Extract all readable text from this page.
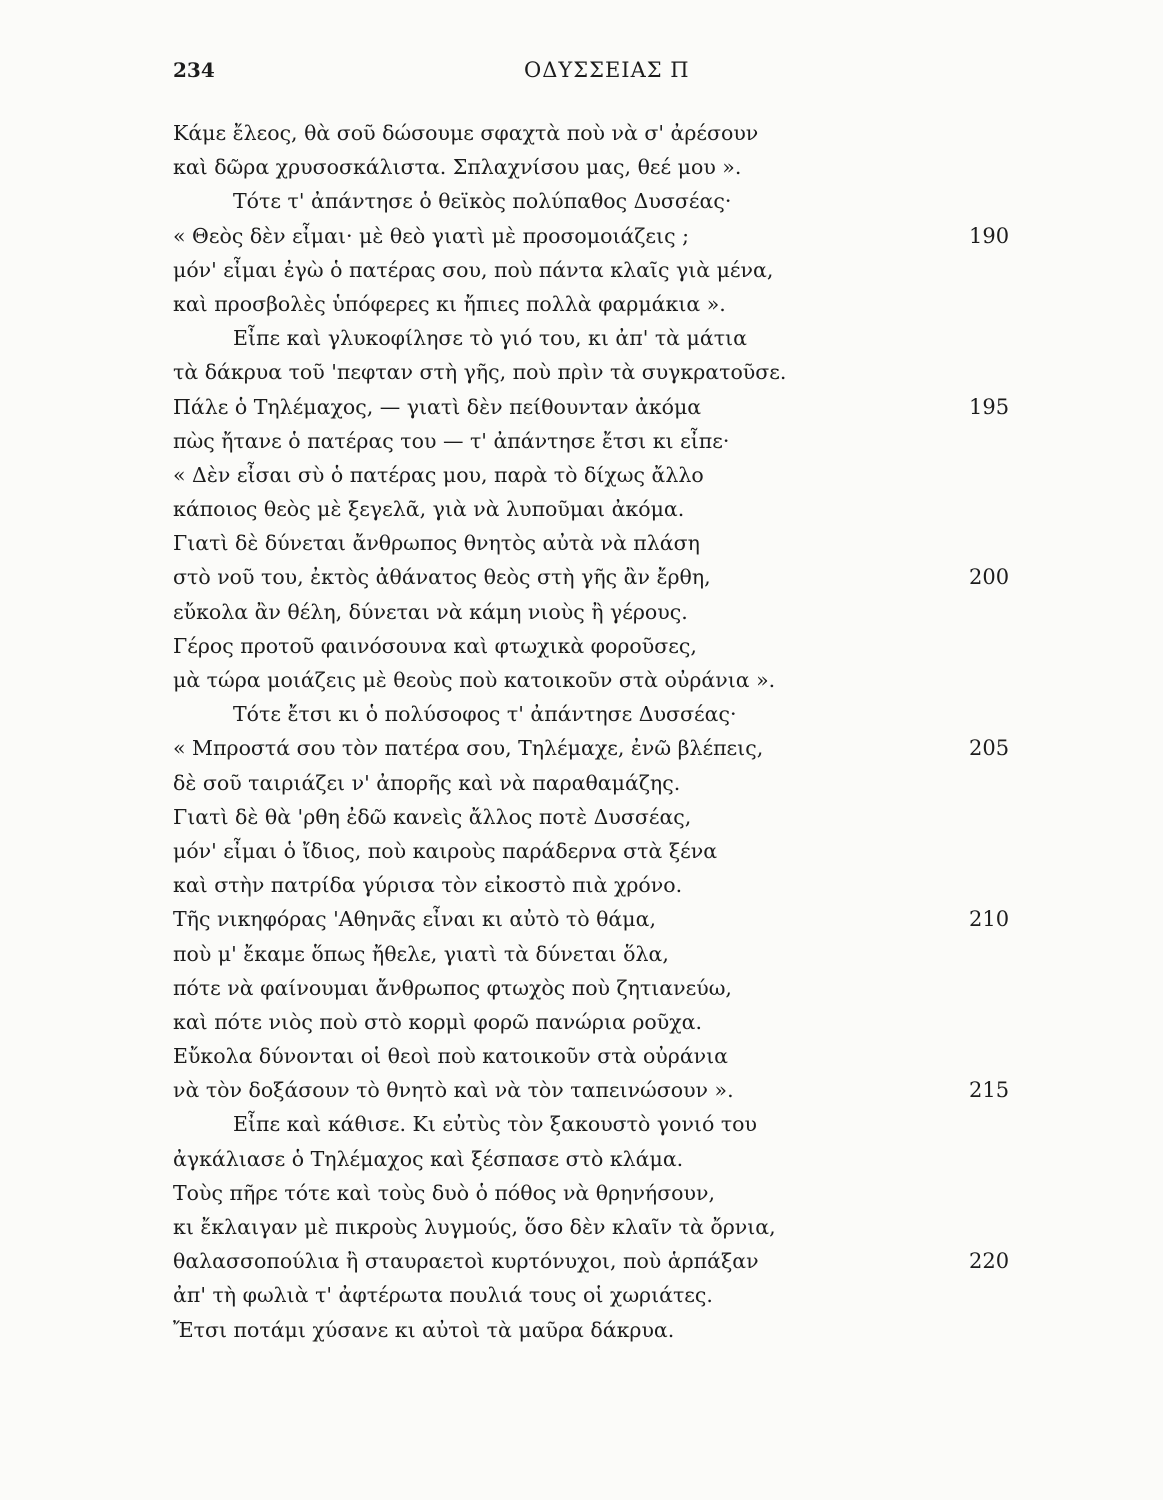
234	ΟΔΥΣΣΕΙΑΣ Π
Κάμε ἔλεος, θὰ σοῦ δώσουμε σφαχτὰ ποὺ νὰ σ' ἀρέσουν
καὶ δῶρα χρυσοσκάλιστα. Σπλαχνίσου μας, θεέ μου ».
Τότε τ' ἀπάντησε ὁ θεϊκὸς πολύπαθος Δυσσέας·
« Θεὸς δὲν εἶμαι· μὲ θεὸ γιατὶ μὲ προσομοιάζεις ;	190
μόν' εἶμαι ἐγὼ ὁ πατέρας σου, ποὺ πάντα κλαῖς γιὰ μένα,
καὶ προσβολὲς ὑπόφερες κι ἤπιες πολλὰ φαρμάκια ».
Εἶπε καὶ γλυκοφίλησε τὸ γιό του, κι ἀπ' τὰ μάτια
τὰ δάκρυα τοῦ 'πεφταν στὴ γῆς, ποὺ πρὶν τὰ συγκρατοῦσε.
Πάλε ὁ Τηλέμαχος, — γιατὶ δὲν πείθουνταν ἀκόμα	195
πὼς ἤτανε ὁ πατέρας του — τ' ἀπάντησε ἔτσι κι εἶπε·
« Δὲν εἶσαι σὺ ὁ πατέρας μου, παρὰ τὸ δίχως ἄλλο
κάποιος θεὸς μὲ ξεγελᾶ, γιὰ νὰ λυποῦμαι ἀκόμα.
Γιατὶ δὲ δύνεται ἄνθρωπος θνητὸς αὐτὰ νὰ πλάση
στὸ νοῦ του, ἐκτὸς ἀθάνατος θεὸς στὴ γῆς ἂν ἔρθη,	200
εὔκολα ἂν θέλη, δύνεται νὰ κάμη νιοὺς ἢ γέρους.
Γέρος προτοῦ φαινόσουνα καὶ φτωχικὰ φοροῦσες,
μὰ τώρα μοιάζεις μὲ θεοὺς ποὺ κατοικοῦν στὰ οὐράνια ».
Τότε ἔτσι κι ὁ πολύσοφος τ' ἀπάντησε Δυσσέας·
« Μπροστά σου τὸν πατέρα σου, Τηλέμαχε, ἐνῶ βλέπεις,	205
δὲ σοῦ ταιριάζει ν' ἀπορῆς καὶ νὰ παραθαμάζης.
Γιατὶ δὲ θὰ 'ρθη ἐδῶ κανεὶς ἄλλος ποτὲ Δυσσέας,
μόν' εἶμαι ὁ ἴδιος, ποὺ καιροὺς παράδερνα στὰ ξένα
καὶ στὴν πατρίδα γύρισα τὸν εἰκοστὸ πιὰ χρόνο.
Τῆς νικηφόρας 'Αθηνᾶς εἶναι κι αὐτὸ τὸ θάμα,	210
ποὺ μ' ἔκαμε ὅπως ἤθελε, γιατὶ τὰ δύνεται ὅλα,
πότε νὰ φαίνουμαι ἄνθρωπος φτωχὸς ποὺ ζητιανεύω,
καὶ πότε νιὸς ποὺ στὸ κορμὶ φορῶ πανώρια ροῦχα.
Εὔκολα δύνονται οἱ θεοὶ ποὺ κατοικοῦν στὰ οὐράνια
νὰ τὸν δοξάσουν τὸ θνητὸ καὶ νὰ τὸν ταπεινώσουν ».	215
Εἶπε καὶ κάθισε. Κι εὐτὺς τὸν ξακουστὸ γονιό του
ἀγκάλιασε ὁ Τηλέμαχος καὶ ξέσπασε στὸ κλάμα.
Τοὺς πῆρε τότε καὶ τοὺς δυὸ ὁ πόθος νὰ θρηνήσουν,
κι ἔκλαιγαν μὲ πικροὺς λυγμούς, ὅσο δὲν κλαῖν τὰ ὄρνια,
θαλασσοπούλια ἢ σταυραετοὶ κυρτόνυχοι, ποὺ ἁρπάξαν	220
ἀπ' τὴ φωλιὰ τ' ἀφτέρωτα πουλιά τους οἱ χωριάτες.
Ἔτσι ποτάμι χύσανε κι αὐτοὶ τὰ μαῦρα δάκρυα.
